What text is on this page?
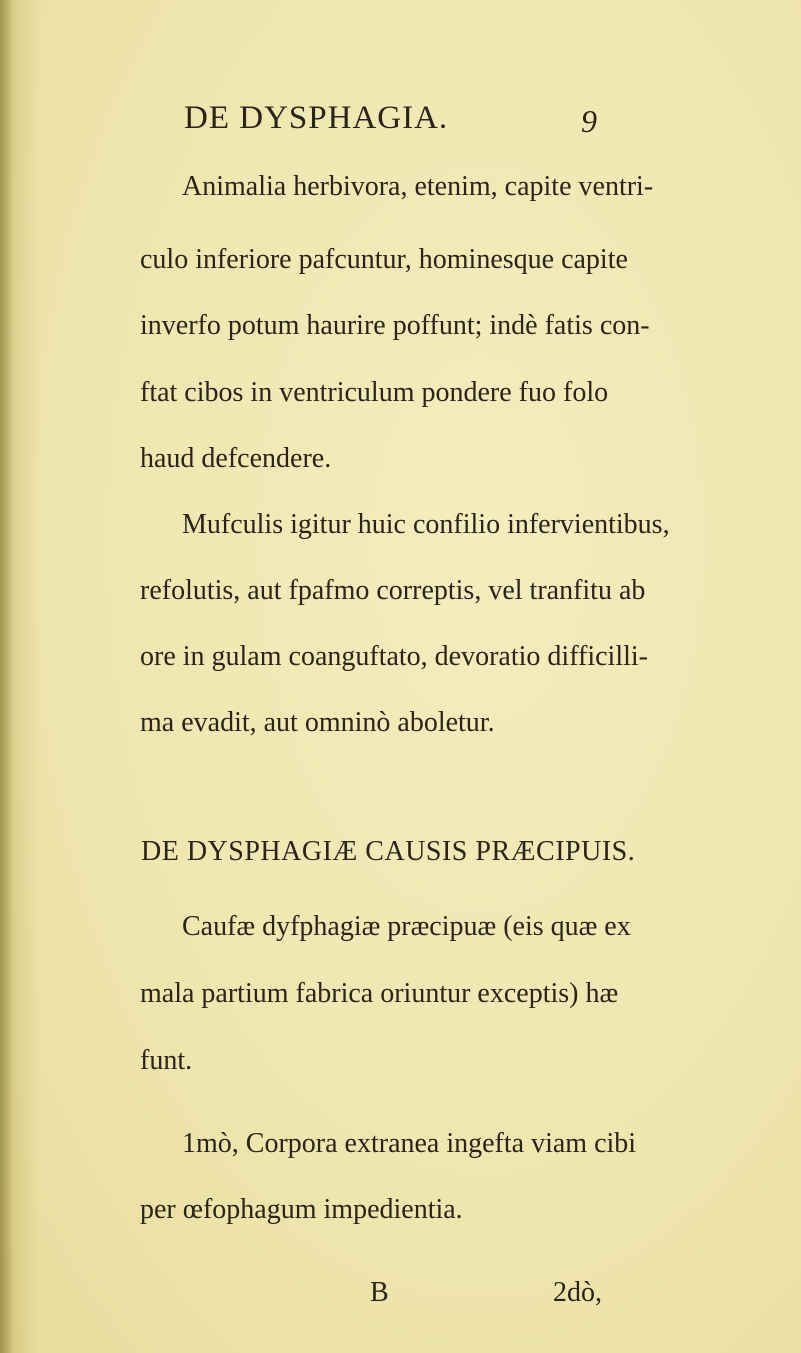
DE DYSPHAGIA.	9
Animalia herbivora, etenim, capite ventri-
culo inferiore pafcuntur, hominesque capite
inverfo potum haurire poffunt; indè fatis con-
ftat cibos in ventriculum pondere fuo folo
haud defcendere.
Mufculis igitur huic confilio infervientibus,
refolutis, aut fpafmo correptis, vel tranfitu ab
ore in gulam coanguftato, devoratio difficilli-
ma evadit, aut omninò aboletur.
DE DYSPHAGIÆ CAUSIS PRÆCIPUIS.
Caufæ dyfphagiæ præcipuæ (eis quæ ex
mala partium fabrica oriuntur exceptis) hæ
funt.
1mò, Corpora extranea ingefta viam cibi
per œfophagum impedientia.
B	2dò,
